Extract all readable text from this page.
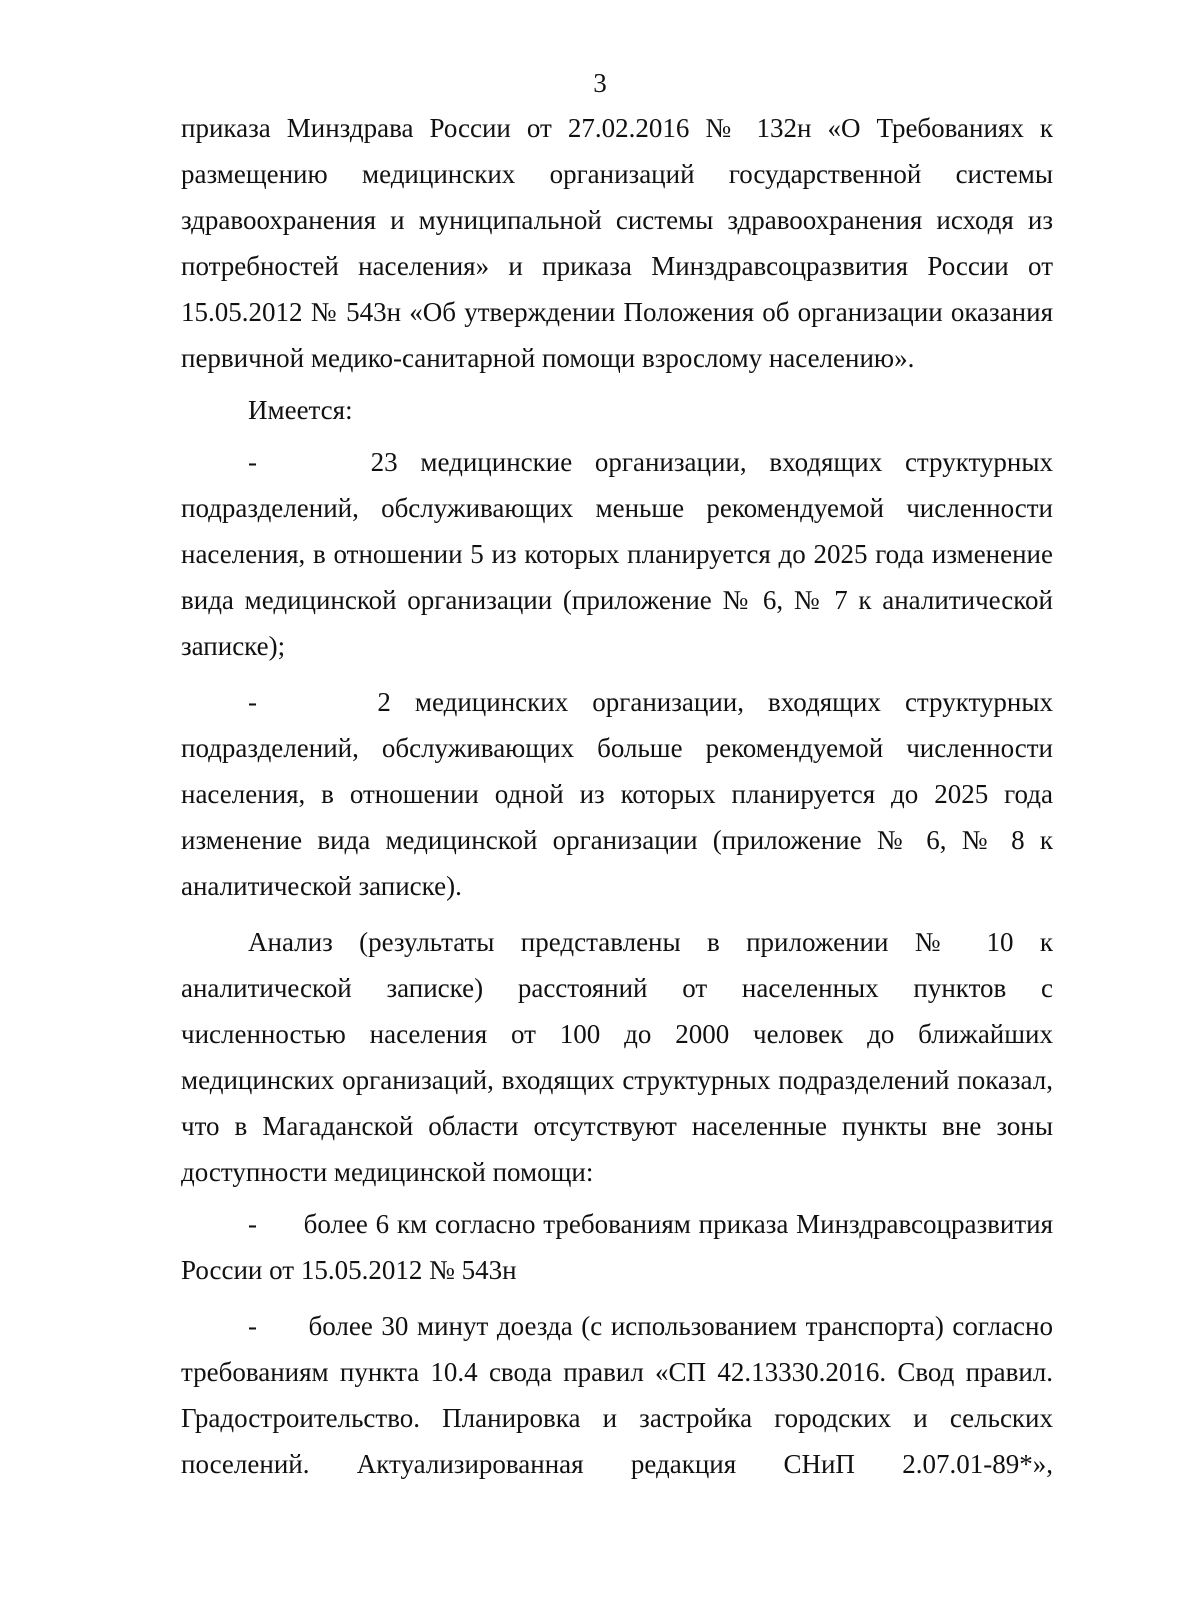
3

приказа Минздрава России от 27.02.2016 № 132н «О Требованиях к размещению медицинских организаций государственной системы здравоохранения и муниципальной системы здравоохранения исходя из потребностей населения» и приказа Минздравсоцразвития России от 15.05.2012 № 543н «Об утверждении Положения об организации оказания первичной медико-санитарной помощи взрослому населению».

Имеется:

-     23 медицинские организации, входящих структурных подразделений, обслуживающих меньше рекомендуемой численности населения, в отношении 5 из которых планируется до 2025 года изменение вида медицинской организации (приложение № 6, № 7 к аналитической записке);

-     2 медицинских организации, входящих структурных подразделений, обслуживающих больше рекомендуемой численности населения, в отношении одной из которых планируется до 2025 года изменение вида медицинской организации (приложение № 6, № 8 к аналитической записке).

Анализ (результаты представлены в приложении № 10 к аналитической записке) расстояний от населенных пунктов с численностью населения от 100 до 2000 человек до ближайших медицинских организаций, входящих структурных подразделений показал, что в Магаданской области отсутствуют населенные пункты вне зоны доступности медицинской помощи:

-      более 6 км согласно требованиям приказа Минздравсоцразвития России от 15.05.2012 № 543н

-      более 30 минут доезда (с использованием транспорта) согласно требованиям пункта 10.4 свода правил «СП 42.13330.2016. Свод правил. Градостроительство. Планировка и застройка городских и сельских поселений. Актуализированная редакция СНиП 2.07.01-89*»,
